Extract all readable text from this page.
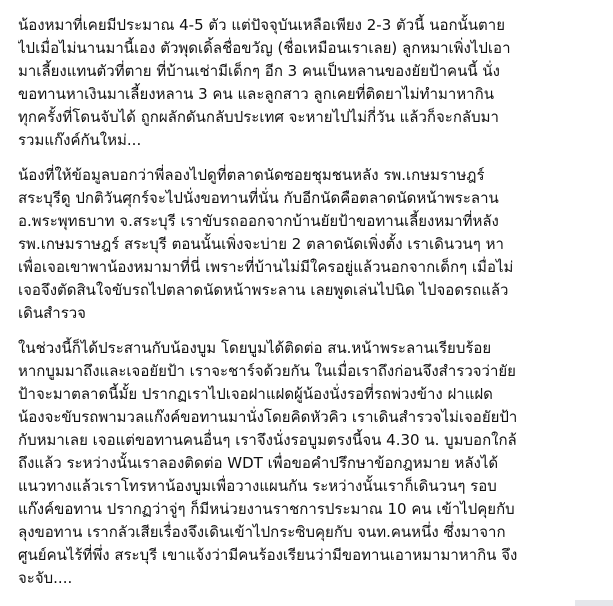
น้องหมาที่เคยมีประมาณ 4-5 ตัว แต่ปัจจุบันเหลือเพียง 2-3 ตัวนี้ นอกนั้นตาย
ไปเมื่อไม่นานมานี้เอง ตัวพุดเดิ้ลชื่อขวัญ (ชื่อเหมือนเราเลย) ลูกหมาเพิ่งไปเอา
มาเลี้ยงแทนตัวที่ตาย ที่บ้านเช่ามีเด็กๆ อีก 3 คนเป็นหลานของยัยป้าคนนี้ นั่ง
ขอทานหาเงินมาเลี้ยงหลาน 3 คน และลูกสาว ลูกเคยที่ติดยาไม่ทำมาหากิน
ทุกครั้งที่โดนจับได้ ถูกผลักดันกลับประเทศ จะหายไปไม่กี่วัน แล้วก็จะกลับมา
รวมแก๊งค์กันใหม่...
น้องที่ให้ข้อมูลบอกว่าพี่ลองไปดูที่ตลาดนัดซอยชุมชนหลัง รพ.เกษมราษฎร์
สระบุรีดู ปกติวันศุกร์จะไปนั่งขอทานที่นั่น กับอีกนัดคือตลาดนัดหน้าพระลาน
อ.พระพุทธบาท จ.สระบุรี เราขับรถออกจากบ้านยัยป้าขอทานเลี้ยงหมาที่หลัง
รพ.เกษมราษฎร์ สระบุรี ตอนนั้นเพิ่งจะบ่าย 2 ตลาดนัดเพิ่งตั้ง เราเดินวนๆ หา
เพื่อเจอเขาพาน้องหมามาที่นี่ เพราะที่บ้านไม่มีใครอยู่แล้วนอกจากเด็กๆ เมื่อไม่
เจอจึงตัดสินใจขับรถไปตลาดนัดหน้าพระลาน เลยพูดเล่นไปนิด ไปจอดรถแล้ว
เดินสำรวจ
ในช่วงนี้ก็ได้ประสานกับน้องบูม โดยบูมได้ติดต่อ สน.หน้าพระลานเรียบร้อย
หากบูมมาถึงและเจอยัยป้า เราจะชาร์จด้วยกัน ในเมื่อเราถึงก่อนจึงสำรวจว่ายัย
ป้าจะมาตลาดนี้มั้ย ปรากฏเราไปเจอฝาแฝดผู้น้องนั่งรอที่รถพ่วงข้าง ฝาแฝด
น้องจะขับรถพามวลแก๊งค์ขอทานมานั่งโดยคิดหัวคิว เราเดินสำรวจไม่เจอยัยป้า
กับหมาเลย เจอแต่ขอทานคนอื่นๆ เราจึงนั่งรอบูมตรงนี้จน 4.30 น. บูมบอกใกล้
ถึงแล้ว ระหว่างนั้นเราลองติดต่อ WDT เพื่อขอคำปรึกษาข้อกฎหมาย หลังได้
แนวทางแล้วเราโทรหาน้องบูมเพื่อวางแผนกัน ระหว่างนั้นเราก็เดินวนๆ รอบ
แก๊งค์ขอทาน ปรากฏว่าจู่ๆ ก็มีหน่วยงานราชการประมาณ 10 คน เข้าไปคุยกับ
ลุงขอทาน เรากลัวเสียเรื่องจึงเดินเข้าไปกระซิบคุยกับ จนท.คนหนึ่ง ซึ่งมาจาก
ศูนย์คนไร้ที่พึ่ง สระบุรี เขาแจ้งว่ามีคนร้องเรียนว่ามีขอทานเอาหมามาหากิน จึง
จะจับ....
